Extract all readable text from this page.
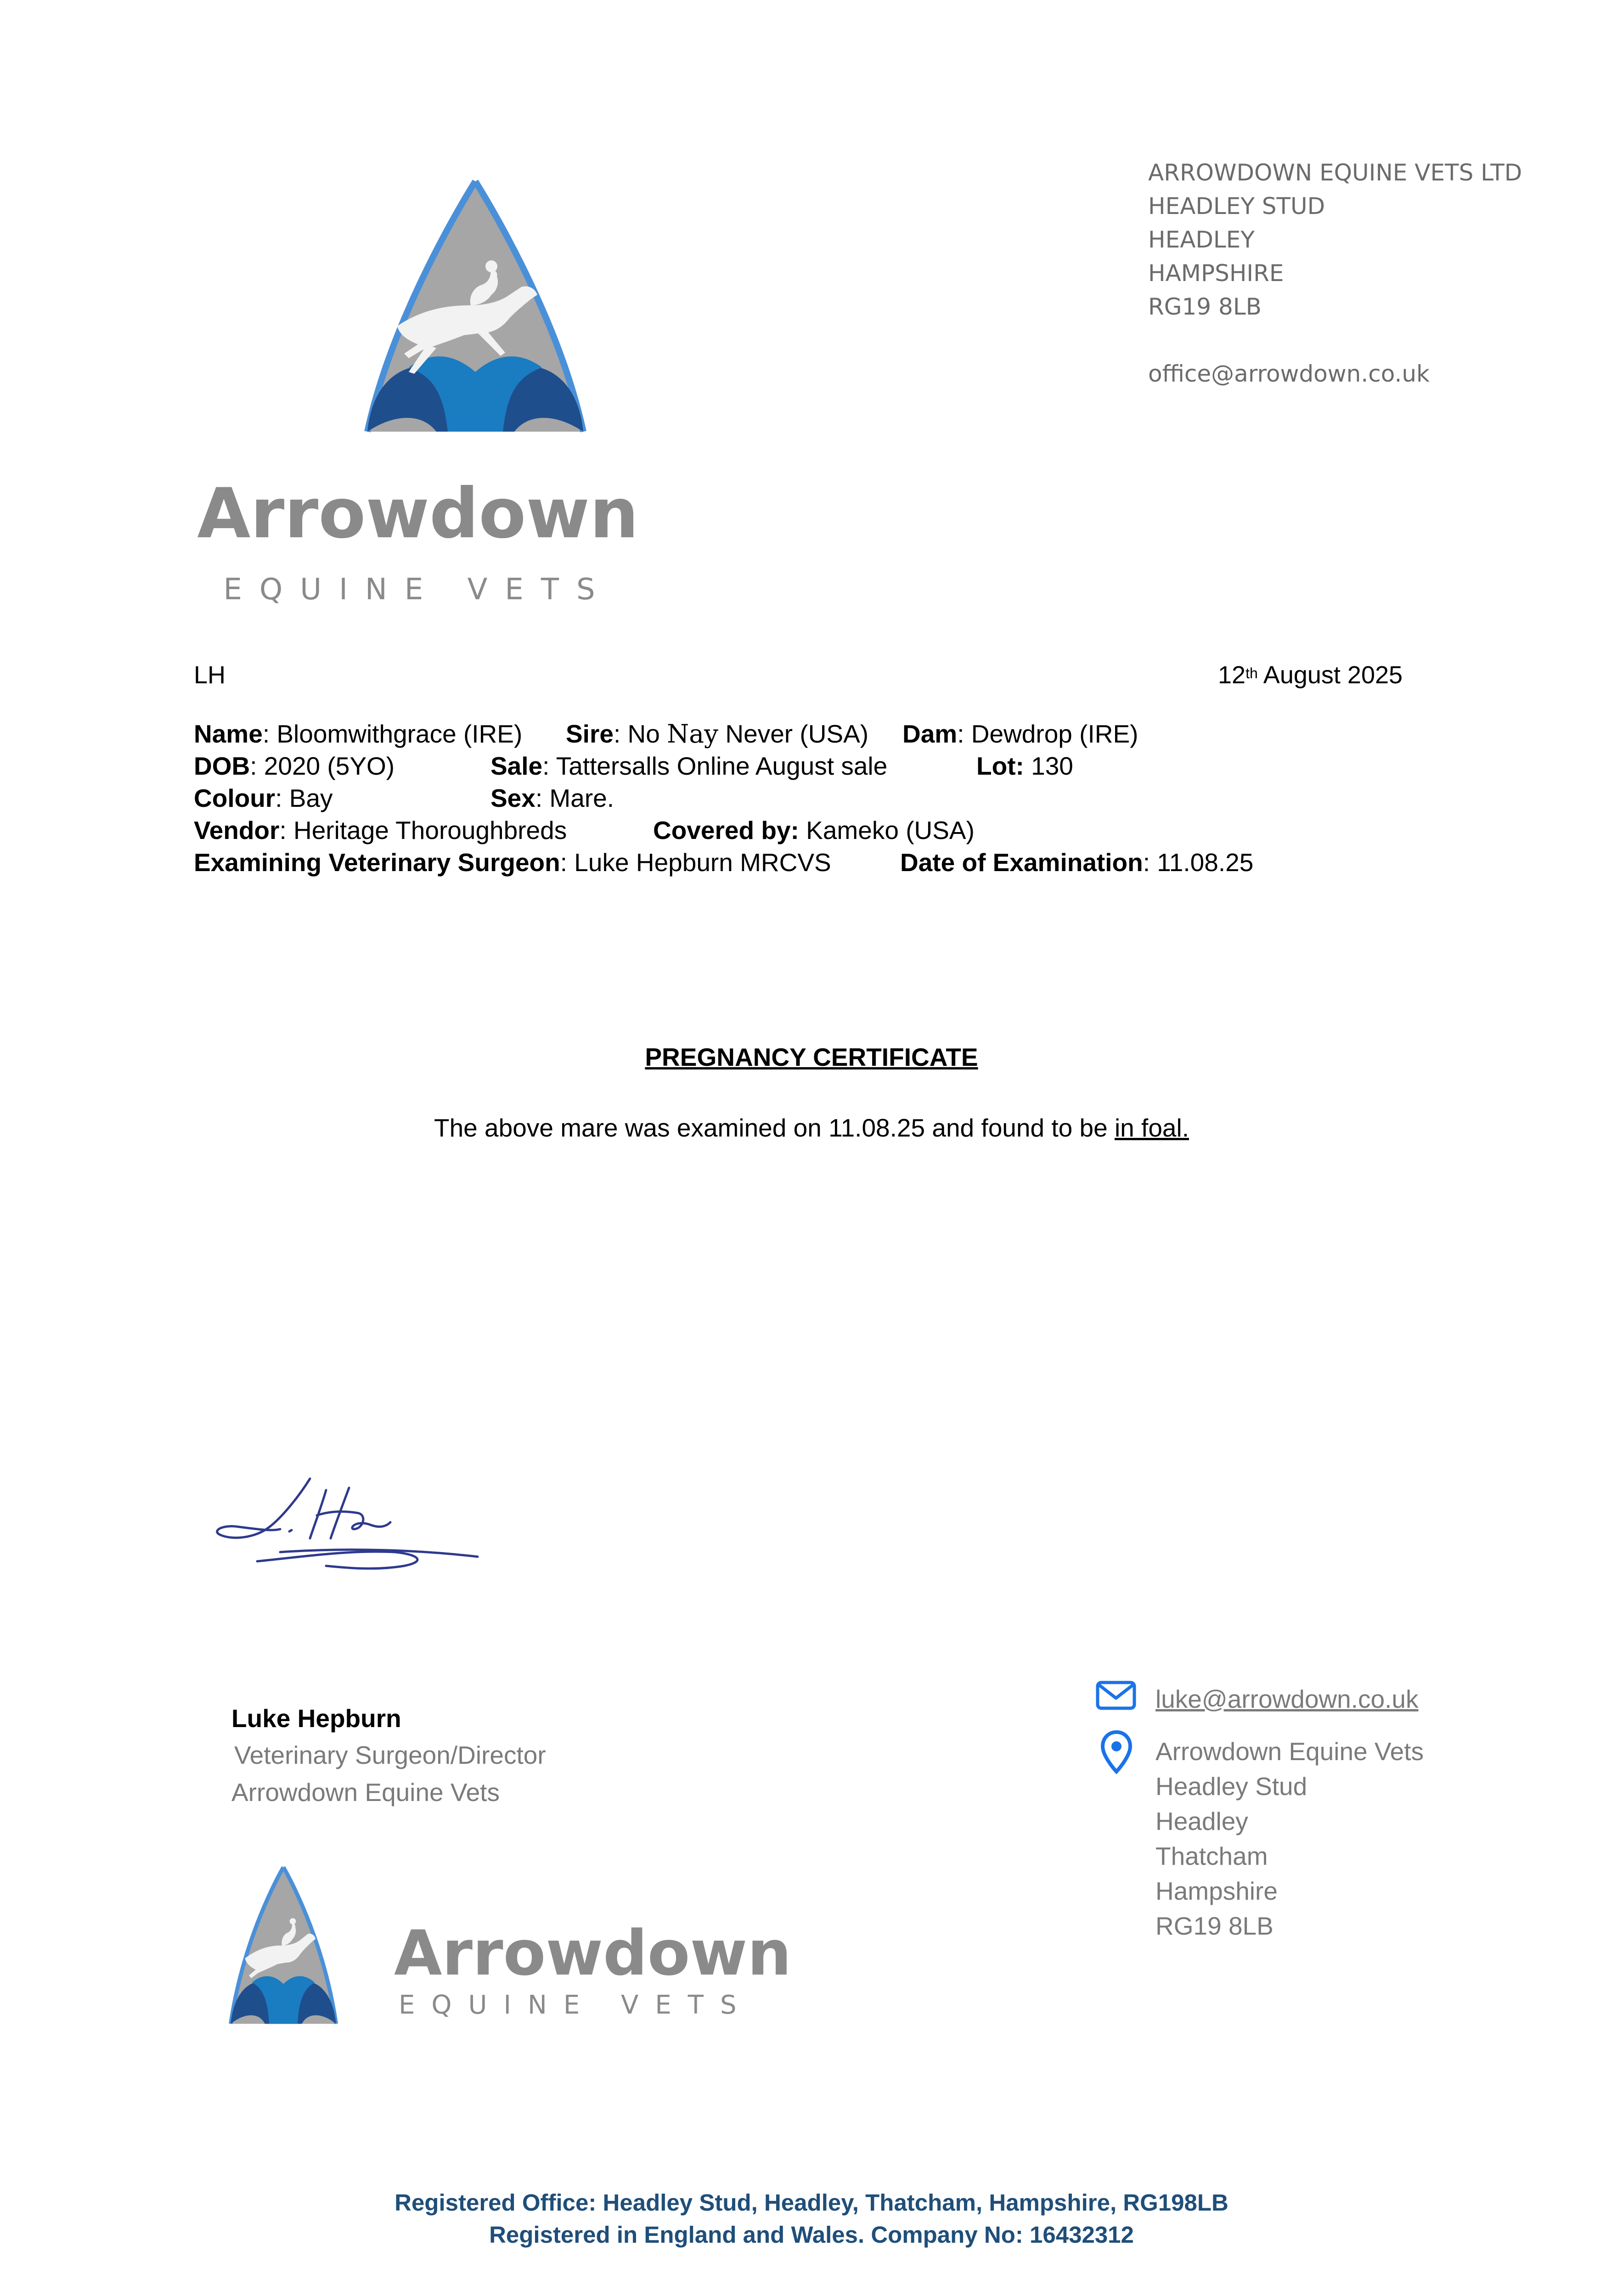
ARROWDOWN EQUINE VETS LTD
HEADLEY STUD
HEADLEY
HAMPSHIRE
RG19 8LB
office@arrowdown.co.uk
Arrowdown
EQUINE VETS
LH	12th August 2025
Name: Bloomwithgrace (IRE) Sire: No Nay Never (USA) Dam: Dewdrop (IRE)
DOB: 2020 (5YO)	Sale: Tattersalls Online August sale	Lot: 130
Colour: Bay	Sex: Mare.
Vendor: Heritage Thoroughbreds	Covered by: Kameko (USA)
Examining Veterinary Surgeon: Luke Hepburn MRCVS	Date of Examination: 11.08.25
PREGNANCY CERTIFICATE
The above mare was examined on 11.08.25 and found to be in foal.
Luke Hepburn
Veterinary Surgeon/Director
Arrowdown Equine Vets
Arrowdown
EQUINE VETS
luke@arrowdown.co.uk
Arrowdown Equine Vets
Headley Stud
Headley
Thatcham
Hampshire
RG19 8LB
Registered Office: Headley Stud, Headley, Thatcham, Hampshire, RG198LB
Registered in England and Wales. Company No: 16432312
